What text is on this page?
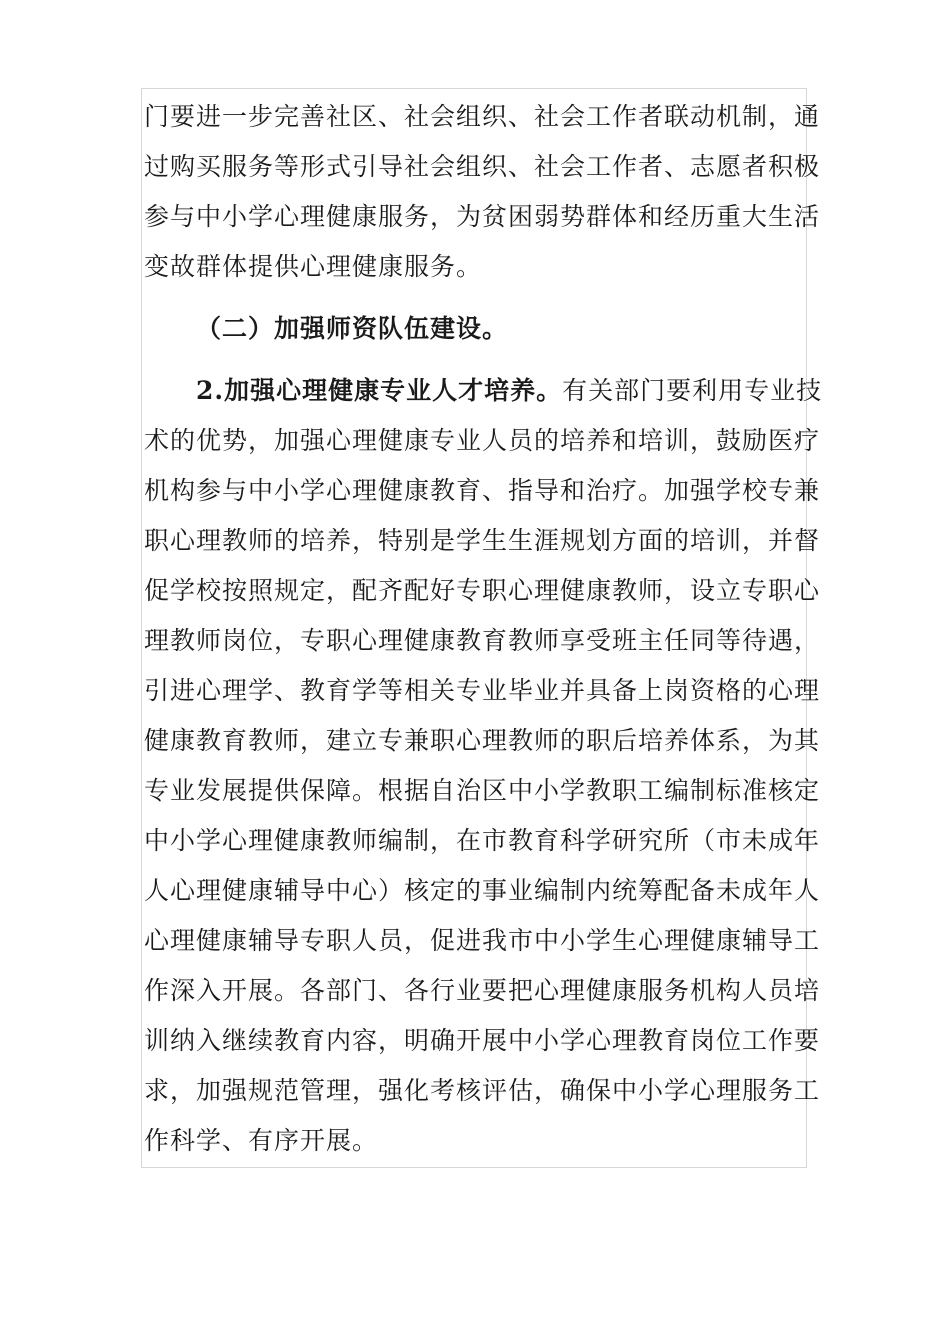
门要进一步完善社区、社会组织、社会工作者联动机制，通
过购买服务等形式引导社会组织、社会工作者、志愿者积极
参与中小学心理健康服务，为贫困弱势群体和经历重大生活
变故群体提供心理健康服务。
（二）加强师资队伍建设。
2.加强心理健康专业人才培养。有关部门要利用专业技
术的优势，加强心理健康专业人员的培养和培训，鼓励医疗
机构参与中小学心理健康教育、指导和治疗。加强学校专兼
职心理教师的培养，特别是学生生涯规划方面的培训，并督
促学校按照规定，配齐配好专职心理健康教师，设立专职心
理教师岗位，专职心理健康教育教师享受班主任同等待遇，
引进心理学、教育学等相关专业毕业并具备上岗资格的心理
健康教育教师，建立专兼职心理教师的职后培养体系，为其
专业发展提供保障。根据自治区中小学教职工编制标准核定
中小学心理健康教师编制，在市教育科学研究所（市未成年
人心理健康辅导中心）核定的事业编制内统筹配备未成年人
心理健康辅导专职人员，促进我市中小学生心理健康辅导工
作深入开展。各部门、各行业要把心理健康服务机构人员培
训纳入继续教育内容，明确开展中小学心理教育岗位工作要
求，加强规范管理，强化考核评估，确保中小学心理服务工
作科学、有序开展。
